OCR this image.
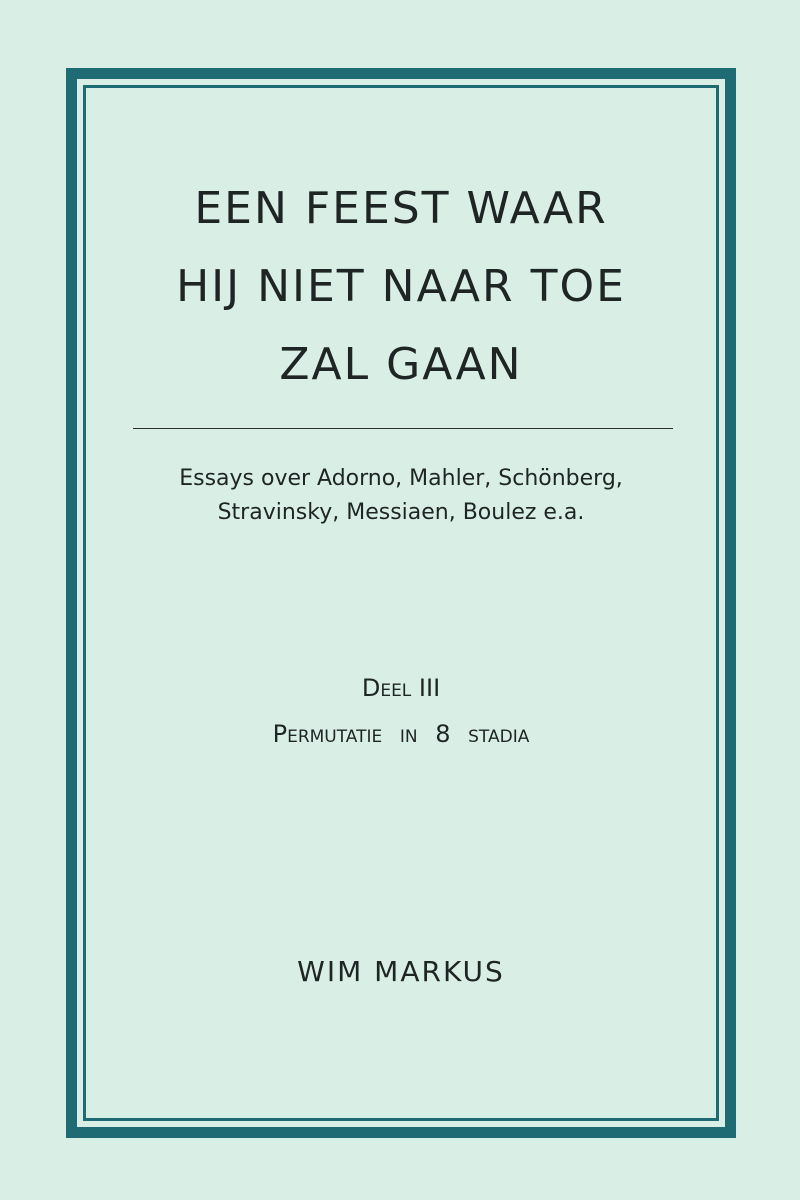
EEN FEEST WAAR
HIJ NIET NAAR TOE
ZAL GAAN
Essays over Adorno, Mahler, Schönberg,
Stravinsky, Messiaen, Boulez e.a.
Deel III
Permutatie in 8 stadia
WIM MARKUS
